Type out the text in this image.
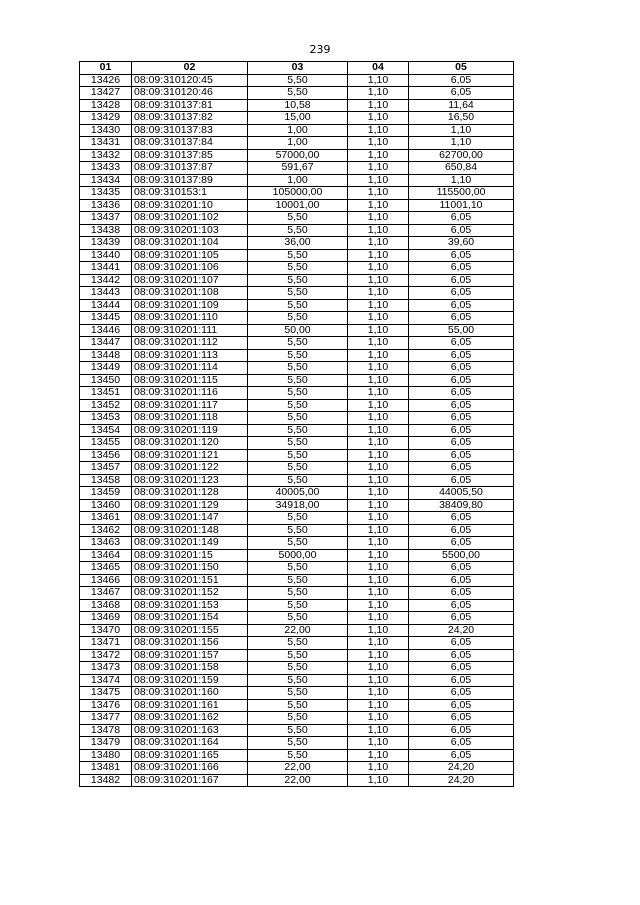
239
01	02	03	04	05
13426	08:09:310120:45	5,50	1,10	6,05
13427	08:09:310120:46	5,50	1,10	6,05
13428	08:09:310137:81	10,58	1,10	11,64
13429	08:09:310137:82	15,00	1,10	16,50
13430	08:09:310137:83	1,00	1,10	1,10
13431	08:09:310137:84	1,00	1,10	1,10
13432	08:09:310137:85	57000,00	1,10	62700,00
13433	08:09:310137:87	591,67	1,10	650,84
13434	08:09:310137:89	1,00	1,10	1,10
13435	08:09:310153:1	105000,00	1,10	115500,00
13436	08:09:310201:10	10001,00	1,10	11001,10
13437	08:09:310201:102	5,50	1,10	6,05
13438	08:09:310201:103	5,50	1,10	6,05
13439	08:09:310201:104	36,00	1,10	39,60
13440	08:09:310201:105	5,50	1,10	6,05
13441	08:09:310201:106	5,50	1,10	6,05
13442	08:09:310201:107	5,50	1,10	6,05
13443	08:09:310201:108	5,50	1,10	6,05
13444	08:09:310201:109	5,50	1,10	6,05
13445	08:09:310201:110	5,50	1,10	6,05
13446	08:09:310201:111	50,00	1,10	55,00
13447	08:09:310201:112	5,50	1,10	6,05
13448	08:09:310201:113	5,50	1,10	6,05
13449	08:09:310201:114	5,50	1,10	6,05
13450	08:09:310201:115	5,50	1,10	6,05
13451	08:09:310201:116	5,50	1,10	6,05
13452	08:09:310201:117	5,50	1,10	6,05
13453	08:09:310201:118	5,50	1,10	6,05
13454	08:09:310201:119	5,50	1,10	6,05
13455	08:09:310201:120	5,50	1,10	6,05
13456	08:09:310201:121	5,50	1,10	6,05
13457	08:09:310201:122	5,50	1,10	6,05
13458	08:09:310201:123	5,50	1,10	6,05
13459	08:09:310201:128	40005,00	1,10	44005,50
13460	08:09:310201:129	34918,00	1,10	38409,80
13461	08:09:310201:147	5,50	1,10	6,05
13462	08:09:310201:148	5,50	1,10	6,05
13463	08:09:310201:149	5,50	1,10	6,05
13464	08:09:310201:15	5000,00	1,10	5500,00
13465	08:09:310201:150	5,50	1,10	6,05
13466	08:09:310201:151	5,50	1,10	6,05
13467	08:09:310201:152	5,50	1,10	6,05
13468	08:09:310201:153	5,50	1,10	6,05
13469	08:09:310201:154	5,50	1,10	6,05
13470	08:09:310201:155	22,00	1,10	24,20
13471	08:09:310201:156	5,50	1,10	6,05
13472	08:09:310201:157	5,50	1,10	6,05
13473	08:09:310201:158	5,50	1,10	6,05
13474	08:09:310201:159	5,50	1,10	6,05
13475	08:09:310201:160	5,50	1,10	6,05
13476	08:09:310201:161	5,50	1,10	6,05
13477	08:09:310201:162	5,50	1,10	6,05
13478	08:09:310201:163	5,50	1,10	6,05
13479	08:09:310201:164	5,50	1,10	6,05
13480	08:09:310201:165	5,50	1,10	6,05
13481	08:09:310201:166	22,00	1,10	24,20
13482	08:09:310201:167	22,00	1,10	24,20
